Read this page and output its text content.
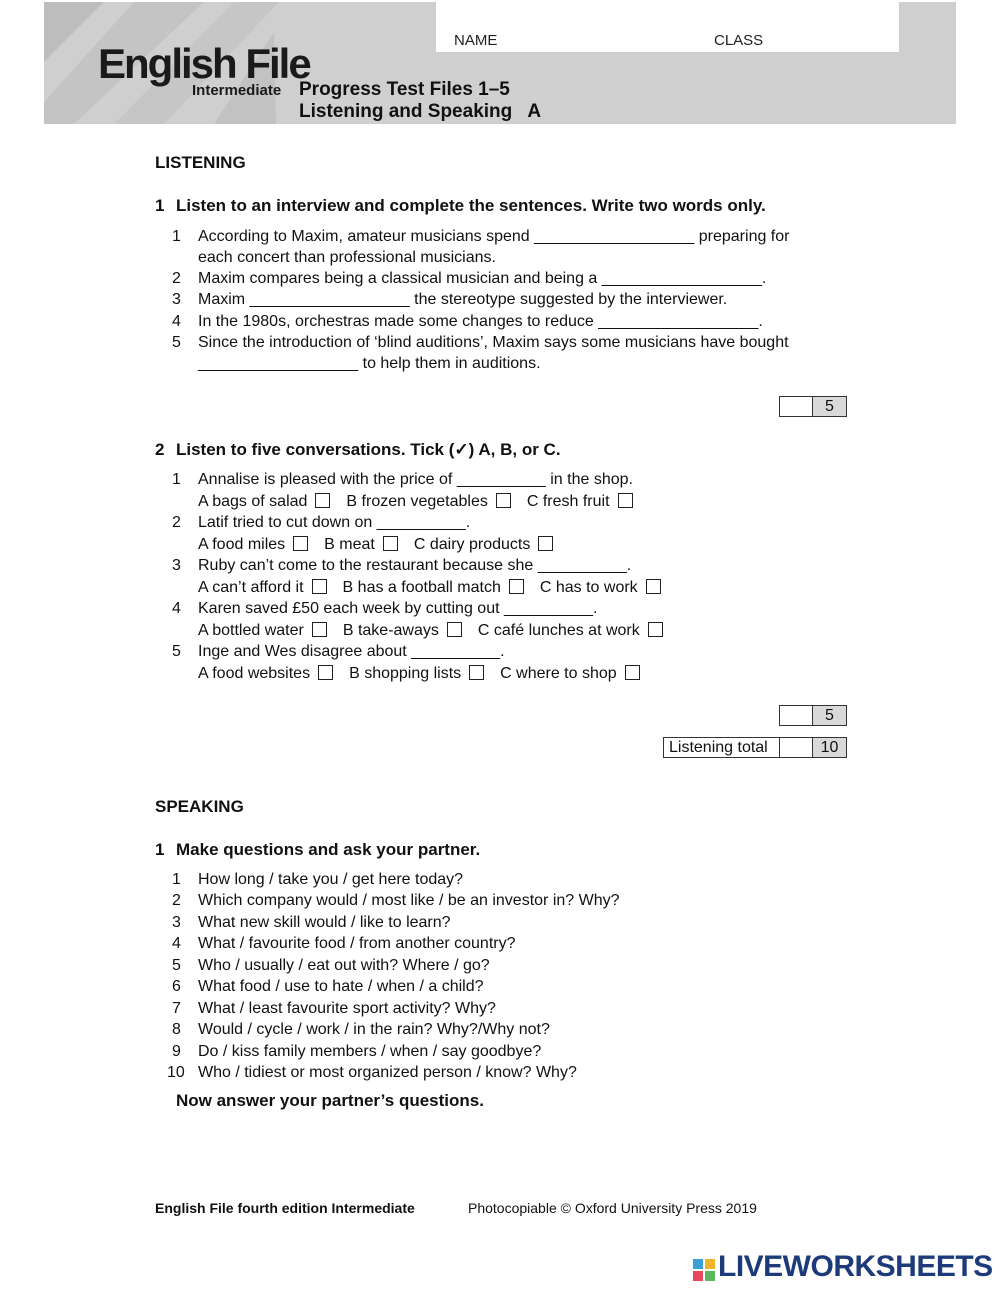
English File
Intermediate
NAME	CLASS
Progress Test Files 1–5
Listening and Speaking   A
LISTENING
1 Listen to an interview and complete the sentences. Write two words only.
1 According to Maxim, amateur musicians spend __________________ preparing for
each concert than professional musicians.
2 Maxim compares being a classical musician and being a __________________.
3 Maxim __________________ the stereotype suggested by the interviewer.
4 In the 1980s, orchestras made some changes to reduce __________________.
5 Since the introduction of ‘blind auditions’, Maxim says some musicians have bought
__________________ to help them in auditions.
5
2 Listen to five conversations. Tick (✓) A, B, or C.
1 Annalise is pleased with the price of __________ in the shop.
A bags of salad B frozen vegetables C fresh fruit
2 Latif tried to cut down on __________.
A food miles B meat C dairy products
3 Ruby can’t come to the restaurant because she __________.
A can’t afford it B has a football match C has to work
4 Karen saved £50 each week by cutting out __________.
A bottled water B take-aways C café lunches at work
5 Inge and Wes disagree about __________.
A food websites B shopping lists C where to shop
5
Listening total	10
SPEAKING
1 Make questions and ask your partner.
1 How long / take you / get here today?
2 Which company would / most like / be an investor in? Why?
3 What new skill would / like to learn?
4 What / favourite food / from another country?
5 Who / usually / eat out with? Where / go?
6 What food / use to hate / when / a child?
7 What / least favourite sport activity? Why?
8 Would / cycle / work / in the rain? Why?/Why not?
9 Do / kiss family members / when / say goodbye?
10 Who / tidiest or most organized person / know? Why?
Now answer your partner’s questions.
English File fourth edition Intermediate	Photocopiable © Oxford University Press 2019
LIVEWORKSHEETS
